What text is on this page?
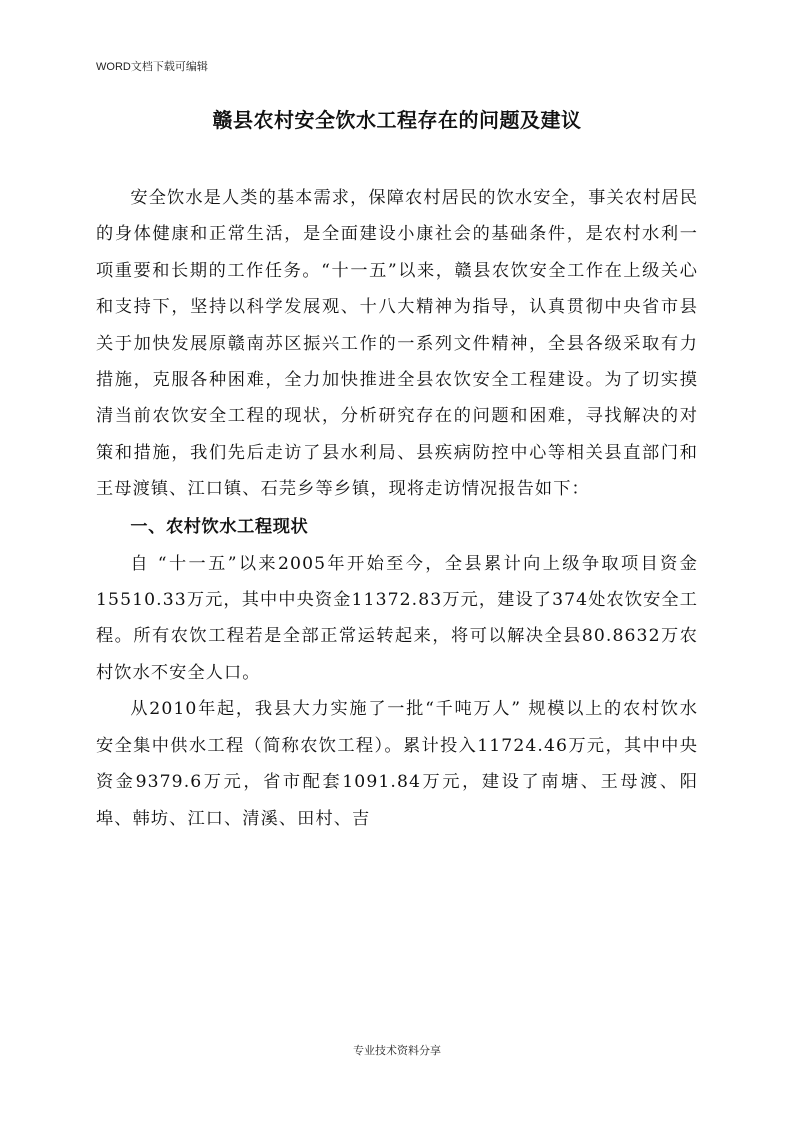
WORD文档下载可编辑
赣县农村安全饮水工程存在的问题及建议

安全饮水是人类的基本需求，保障农村居民的饮水安全，事关农村居民的身体健康和正常生活，是全面建设小康社会的基础条件，是农村水利一项重要和长期的工作任务。“十一五”以来，赣县农饮安全工作在上级关心和支持下，坚持以科学发展观、十八大精神为指导，认真贯彻中央省市县关于加快发展原赣南苏区振兴工作的一系列文件精神，全县各级采取有力措施，克服各种困难，全力加快推进全县农饮安全工程建设。为了切实摸清当前农饮安全工程的现状，分析研究存在的问题和困难，寻找解决的对策和措施，我们先后走访了县水利局、县疾病防控中心等相关县直部门和王母渡镇、江口镇、石芫乡等乡镇，现将走访情况报告如下：

一、农村饮水工程现状

自 “十一五”以来2005年开始至今，全县累计向上级争取项目资金15510.33万元，其中中央资金11372.83万元，建设了374处农饮安全工程。所有农饮工程若是全部正常运转起来，将可以解决全县80.8632万农村饮水不安全人口。

从2010年起，我县大力实施了一批“千吨万人” 规模以上的农村饮水安全集中供水工程（简称农饮工程）。累计投入11724.46万元，其中中央资金9379.6万元，省市配套1091.84万元，建设了南塘、王母渡、阳埠、韩坊、江口、清溪、田村、吉

专业技术资料分享
